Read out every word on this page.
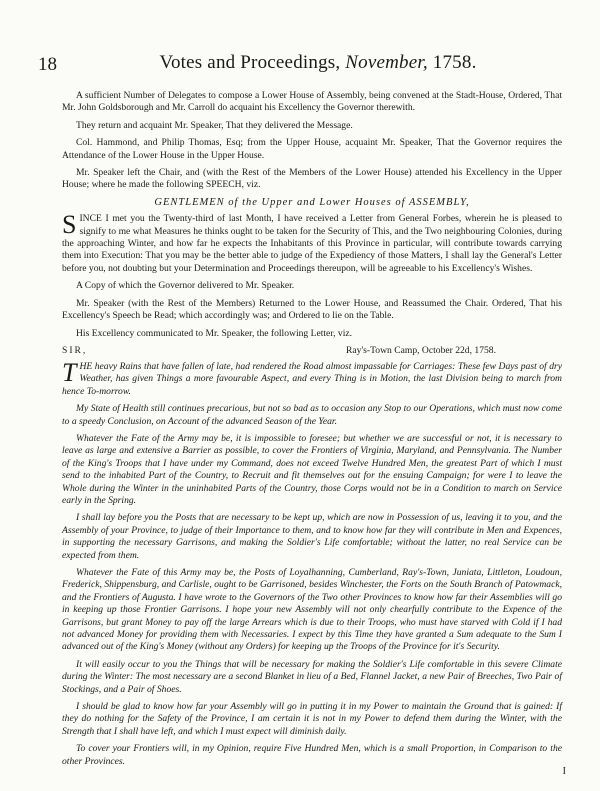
18	Votes and Proceedings, November, 1758.

A sufficient Number of Delegates to compose a Lower House of Assembly, being convened at the Stadt-House, Ordered, That Mr. John Goldsborough and Mr. Carroll do acquaint his Excellency the Governor therewith.

They return and acquaint Mr. Speaker, That they delivered the Message.

Col. Hammond, and Philip Thomas, Esq; from the Upper House, acquaint Mr. Speaker, That the Governor requires the Attendance of the Lower House in the Upper House.

Mr. Speaker left the Chair, and (with the Rest of the Members of the Lower House) attended his Excellency in the Upper House; where he made the following SPEECH, viz.

GENTLEMEN of the Upper and Lower Houses of ASSEMBLY,

S INCE I met you the Twenty-third of last Month, I have received a Letter from General Forbes, wherein he is pleased to signify to me what Measures he thinks ought to be taken for the Security of This, and the Two neighbouring Colonies, during the approaching Winter, and how far he expects the Inhabitants of this Province in particular, will contribute towards carrying them into Execution: That you may be the better able to judge of the Expediency of those Matters, I shall lay the General's Letter before you, not doubting but your Determination and Proceedings thereupon, will be agreeable to his Excellency's Wishes.

A Copy of which the Governor delivered to Mr. Speaker.

Mr. Speaker (with the Rest of the Members) Returned to the Lower House, and Reassumed the Chair. Ordered, That his Excellency's Speech be Read; which accordingly was; and Ordered to lie on the Table.

His Excellency communicated to Mr. Speaker, the following Letter, viz.

SIR,	Ray's-Town Camp, October 22d, 1758.

T HE heavy Rains that have fallen of late, had rendered the Road almost impassable for Carriages: These few Days past of dry Weather, has given Things a more favourable Aspect, and every Thing is in Motion, the last Division being to march from hence To-morrow.

My State of Health still continues precarious, but not so bad as to occasion any Stop to our Operations, which must now come to a speedy Conclusion, on Account of the advanced Season of the Year.

Whatever the Fate of the Army may be, it is impossible to foresee; but whether we are successful or not, it is necessary to leave as large and extensive a Barrier as possible, to cover the Frontiers of Virginia, Maryland, and Pennsylvania. The Number of the King's Troops that I have under my Command, does not exceed Twelve Hundred Men, the greatest Part of which I must send to the inhabited Part of the Country, to Recruit and fit themselves out for the ensuing Campaign; for were I to leave the Whole during the Winter in the uninhabited Parts of the Country, those Corps would not be in a Condition to march on Service early in the Spring.

I shall lay before you the Posts that are necessary to be kept up, which are now in Possession of us, leaving it to you, and the Assembly of your Province, to judge of their Importance to them, and to know how far they will contribute in Men and Expences, in supporting the necessary Garrisons, and making the Soldier's Life comfortable; without the latter, no real Service can be expected from them.

Whatever the Fate of this Army may be, the Posts of Loyalhanning, Cumberland, Ray's-Town, Juniata, Littleton, Loudoun, Frederick, Shippensburg, and Carlisle, ought to be Garrisoned, besides Winchester, the Forts on the South Branch of Patowmack, and the Frontiers of Augusta. I have wrote to the Governors of the Two other Provinces to know how far their Assemblies will go in keeping up those Frontier Garrisons. I hope your new Assembly will not only chearfully contribute to the Expence of the Garrisons, but grant Money to pay off the large Arrears which is due to their Troops, who must have starved with Cold if I had not advanced Money for providing them with Necessaries. I expect by this Time they have granted a Sum adequate to the Sum I advanced out of the King's Money (without any Orders) for keeping up the Troops of the Province for it's Security.

It will easily occur to you the Things that will be necessary for making the Soldier's Life comfortable in this severe Climate during the Winter: The most necessary are a second Blanket in lieu of a Bed, Flannel Jacket, a new Pair of Breeches, Two Pair of Stockings, and a Pair of Shoes.

I should be glad to know how far your Assembly will go in putting it in my Power to maintain the Ground that is gained: If they do nothing for the Safety of the Province, I am certain it is not in my Power to defend them during the Winter, with the Strength that I shall have left, and which I must expect will diminish daily.

To cover your Frontiers will, in my Opinion, require Five Hundred Men, which is a small Proportion, in Comparison to the other Provinces.

I
